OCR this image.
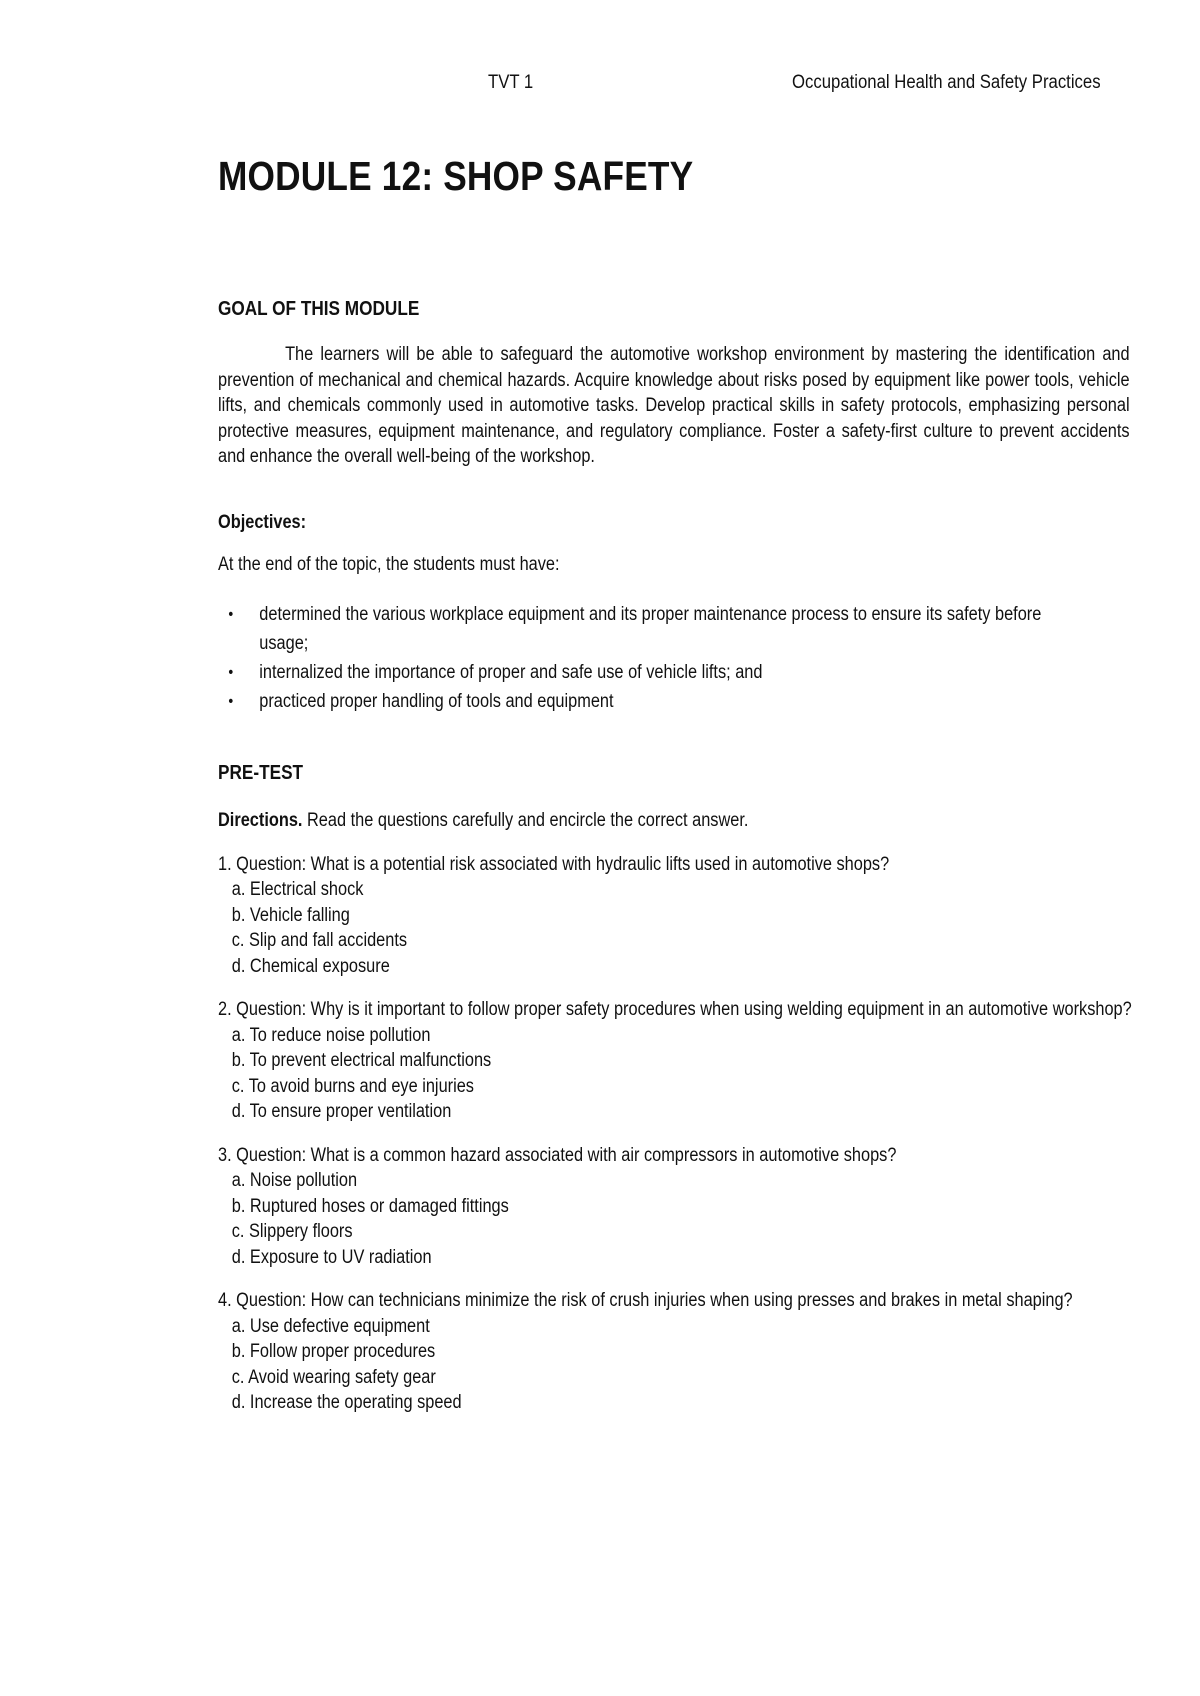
TVT 1	Occupational Health and Safety Practices
MODULE 12: SHOP SAFETY
GOAL OF THIS MODULE

The learners will be able to safeguard the automotive workshop environment by mastering the identification and prevention of mechanical and chemical hazards. Acquire knowledge about risks posed by equipment like power tools, vehicle lifts, and chemicals commonly used in automotive tasks. Develop practical skills in safety protocols, emphasizing personal protective measures, equipment maintenance, and regulatory compliance. Foster a safety-first culture to prevent accidents and enhance the overall well-being of the workshop.

Objectives:
At the end of the topic, the students must have:
• determined the various workplace equipment and its proper maintenance process to ensure its safety before usage;
• internalized the importance of proper and safe use of vehicle lifts; and
• practiced proper handling of tools and equipment
PRE-TEST
Directions. Read the questions carefully and encircle the correct answer.
1. Question: What is a potential risk associated with hydraulic lifts used in automotive shops?
a. Electrical shock
b. Vehicle falling
c. Slip and fall accidents
d. Chemical exposure
2. Question: Why is it important to follow proper safety procedures when using welding equipment in an automotive workshop?
a. To reduce noise pollution
b. To prevent electrical malfunctions
c. To avoid burns and eye injuries
d. To ensure proper ventilation
3. Question: What is a common hazard associated with air compressors in automotive shops?
a. Noise pollution
b. Ruptured hoses or damaged fittings
c. Slippery floors
d. Exposure to UV radiation
4. Question: How can technicians minimize the risk of crush injuries when using presses and brakes in metal shaping?
a. Use defective equipment
b. Follow proper procedures
c. Avoid wearing safety gear
d. Increase the operating speed
